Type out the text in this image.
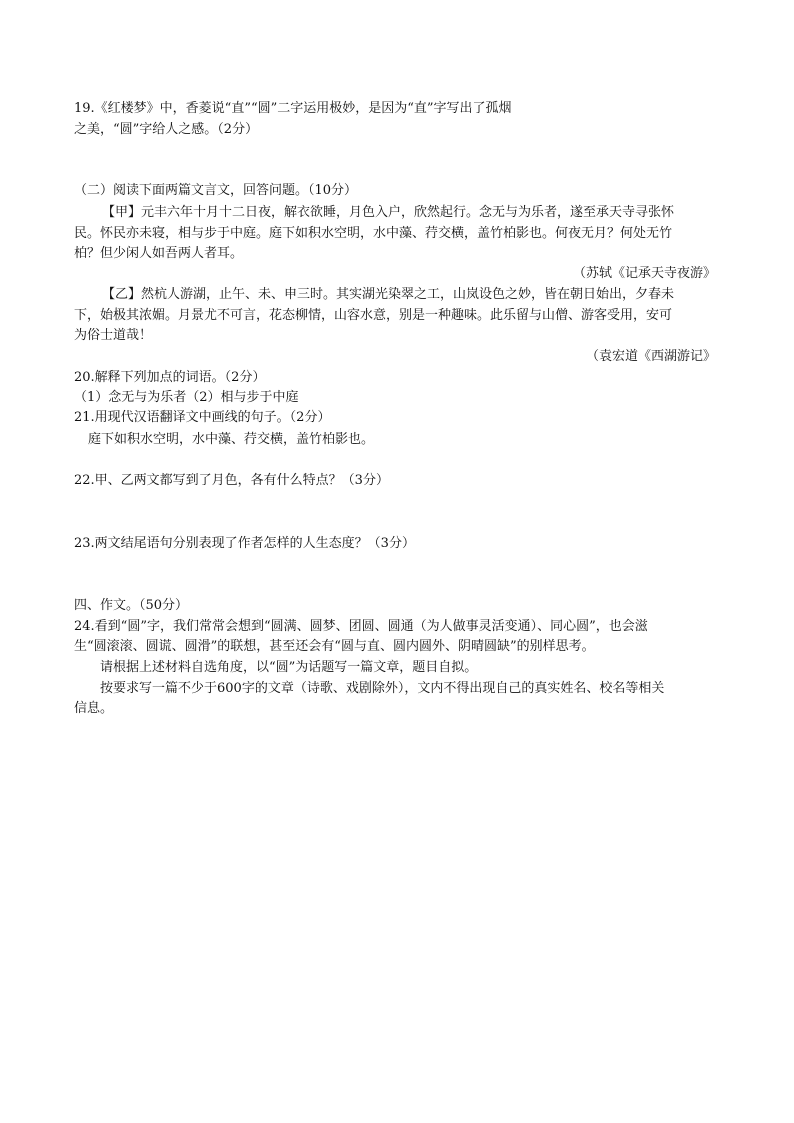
19.《红楼梦》中，香菱说“直”“圆”二字运用极妙，是因为“直”字写出了孤烟
之美，“圆”字给人之感。（2分）
（二）阅读下面两篇文言文，回答问题。（10分）
【甲】元丰六年十月十二日夜，解衣欲睡，月色入户，欣然起行。念无与为乐者，遂至承天寺寻张怀
民。怀民亦未寝，相与步于中庭。庭下如积水空明，水中藻、荇交横，盖竹柏影也。何夜无月？何处无竹
柏？但少闲人如吾两人者耳。
（苏轼《记承天寺夜游》
【乙】然杭人游湖，止午、未、申三时。其实湖光染翠之工，山岚设色之妙，皆在朝日始出，夕春未
下，始极其浓媚。月景尤不可言，花态柳情，山容水意，别是一种趣味。此乐留与山僧、游客受用，安可
为俗士道哉！
（袁宏道《西湖游记》
20.解释下列加点的词语。（2分）
（1）念无与为乐者（2）相与步于中庭
21.用现代汉语翻译文中画线的句子。（2分）
庭下如积水空明，水中藻、荇交横，盖竹柏影也。
22.甲、乙两文都写到了月色，各有什么特点？（3分）
23.两文结尾语句分别表现了作者怎样的人生态度？（3分）
四、作文。（50分）
24.看到“圆”字，我们常常会想到“圆满、圆梦、团圆、圆通（为人做事灵活变通）、同心圆”，也会滋
生“圆滚滚、圆谎、圆滑”的联想，甚至还会有“圆与直、圆内圆外、阴晴圆缺”的别样思考。
请根据上述材料自选角度，以“圆”为话题写一篇文章，题目自拟。
按要求写一篇不少于600字的文章（诗歌、戏剧除外），文内不得出现自己的真实姓名、校名等相关
信息。
